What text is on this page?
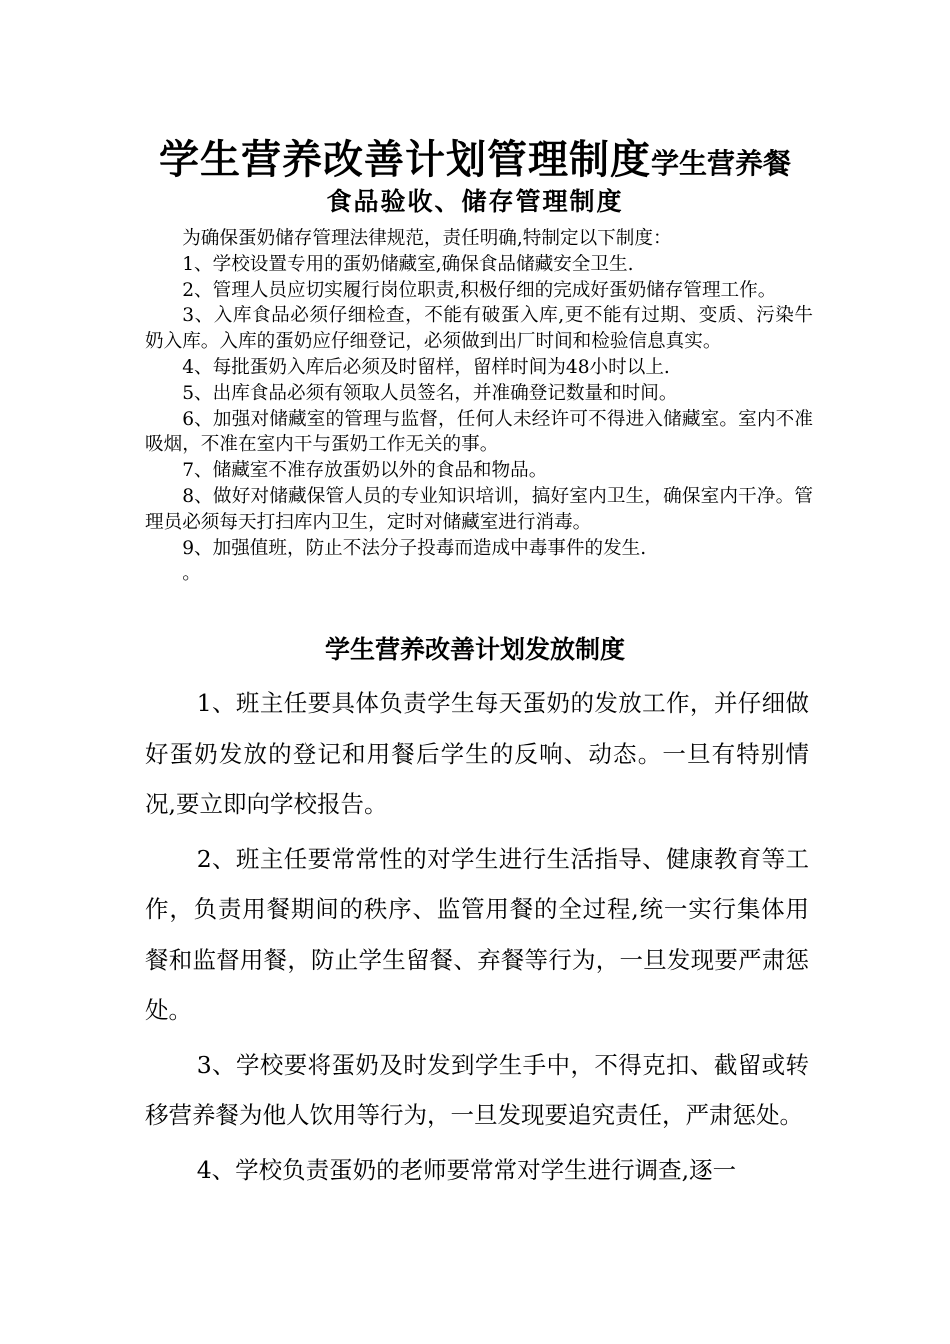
学生营养改善计划管理制度学生营养餐
食品验收、储存管理制度

为确保蛋奶储存管理法律规范，责任明确,特制定以下制度：

1、学校设置专用的蛋奶储藏室,确保食品储藏安全卫生.

2、管理人员应切实履行岗位职责,积极仔细的完成好蛋奶储存管理工作。

3、入库食品必须仔细检查，不能有破蛋入库,更不能有过期、变质、污染牛奶入库。入库的蛋奶应仔细登记，必须做到出厂时间和检验信息真实。

4、每批蛋奶入库后必须及时留样，留样时间为48小时以上.

5、出库食品必须有领取人员签名，并准确登记数量和时间。

6、加强对储藏室的管理与监督，任何人未经许可不得进入储藏室。室内不准吸烟，不准在室内干与蛋奶工作无关的事。

7、储藏室不准存放蛋奶以外的食品和物品。

8、做好对储藏保管人员的专业知识培训，搞好室内卫生，确保室内干净。管理员必须每天打扫库内卫生，定时对储藏室进行消毒。

9、加强值班，防止不法分子投毒而造成中毒事件的发生.

。

学生营养改善计划发放制度

1、班主任要具体负责学生每天蛋奶的发放工作，并仔细做好蛋奶发放的登记和用餐后学生的反响、动态。一旦有特别情况,要立即向学校报告。

2、班主任要常常性的对学生进行生活指导、健康教育等工作，负责用餐期间的秩序、监管用餐的全过程,统一实行集体用餐和监督用餐，防止学生留餐、弃餐等行为，一旦发现要严肃惩处。

3、学校要将蛋奶及时发到学生手中，不得克扣、截留或转移营养餐为他人饮用等行为，一旦发现要追究责任，严肃惩处。

4、学校负责蛋奶的老师要常常对学生进行调查,逐一
